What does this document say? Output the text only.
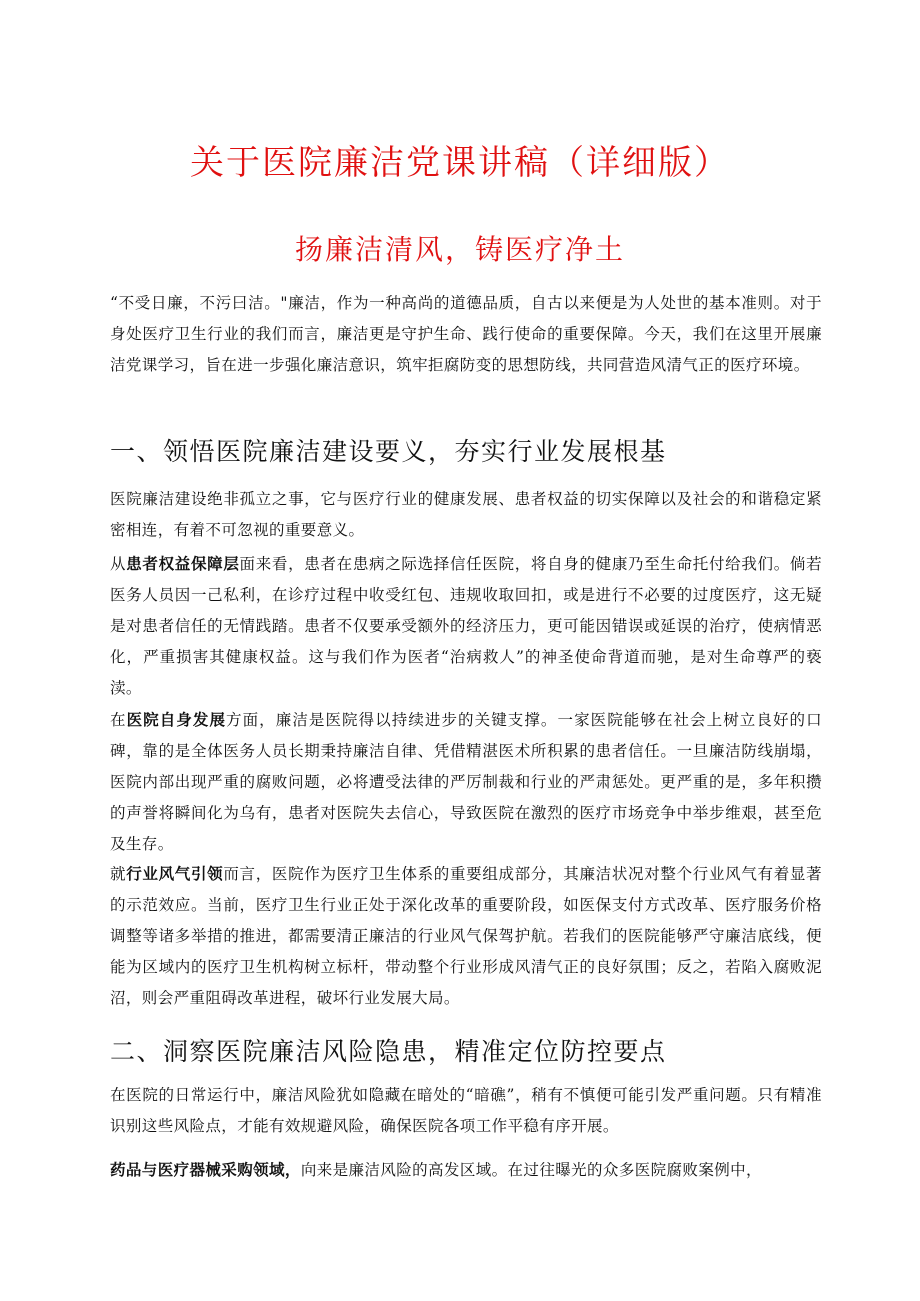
关于医院廉洁党课讲稿（详细版）
扬廉洁清风，铸医疗净土

“不受日廉，不污曰洁。"廉洁，作为一种高尚的道德品质，自古以来便是为人处世的基本准则。对于身处医疗卫生行业的我们而言，廉洁更是守护生命、践行使命的重要保障。今天，我们在这里开展廉洁党课学习，旨在进一步强化廉洁意识，筑牢拒腐防变的思想防线，共同营造风清气正的医疗环境。

一、领悟医院廉洁建设要义，夯实行业发展根基

医院廉洁建设绝非孤立之事，它与医疗行业的健康发展、患者权益的切实保障以及社会的和谐稳定紧密相连，有着不可忽视的重要意义。

从患者权益保障层面来看，患者在患病之际选择信任医院，将自身的健康乃至生命托付给我们。倘若医务人员因一己私利，在诊疗过程中收受红包、违规收取回扣，或是进行不必要的过度医疗，这无疑是对患者信任的无情践踏。患者不仅要承受额外的经济压力，更可能因错误或延误的治疗，使病情恶化，严重损害其健康权益。这与我们作为医者“治病救人”的神圣使命背道而驰，是对生命尊严的亵渎。

在医院自身发展方面，廉洁是医院得以持续进步的关键支撑。一家医院能够在社会上树立良好的口碑，靠的是全体医务人员长期秉持廉洁自律、凭借精湛医术所积累的患者信任。一旦廉洁防线崩塌，医院内部出现严重的腐败问题，必将遭受法律的严厉制裁和行业的严肃惩处。更严重的是，多年积攒的声誉将瞬间化为乌有，患者对医院失去信心，导致医院在激烈的医疗市场竞争中举步维艰，甚至危及生存。

就行业风气引领而言，医院作为医疗卫生体系的重要组成部分，其廉洁状况对整个行业风气有着显著的示范效应。当前，医疗卫生行业正处于深化改革的重要阶段，如医保支付方式改革、医疗服务价格调整等诸多举措的推进，都需要清正廉洁的行业风气保驾护航。若我们的医院能够严守廉洁底线，便能为区域内的医疗卫生机构树立标杆，带动整个行业形成风清气正的良好氛围；反之，若陷入腐败泥沼，则会严重阻碍改革进程，破坏行业发展大局。

二、洞察医院廉洁风险隐患，精准定位防控要点

在医院的日常运行中，廉洁风险犹如隐藏在暗处的“暗礁”，稍有不慎便可能引发严重问题。只有精准识别这些风险点，才能有效规避风险，确保医院各项工作平稳有序开展。

药品与医疗器械采购领域，向来是廉洁风险的高发区域。在过往曝光的众多医院腐败案例中，
